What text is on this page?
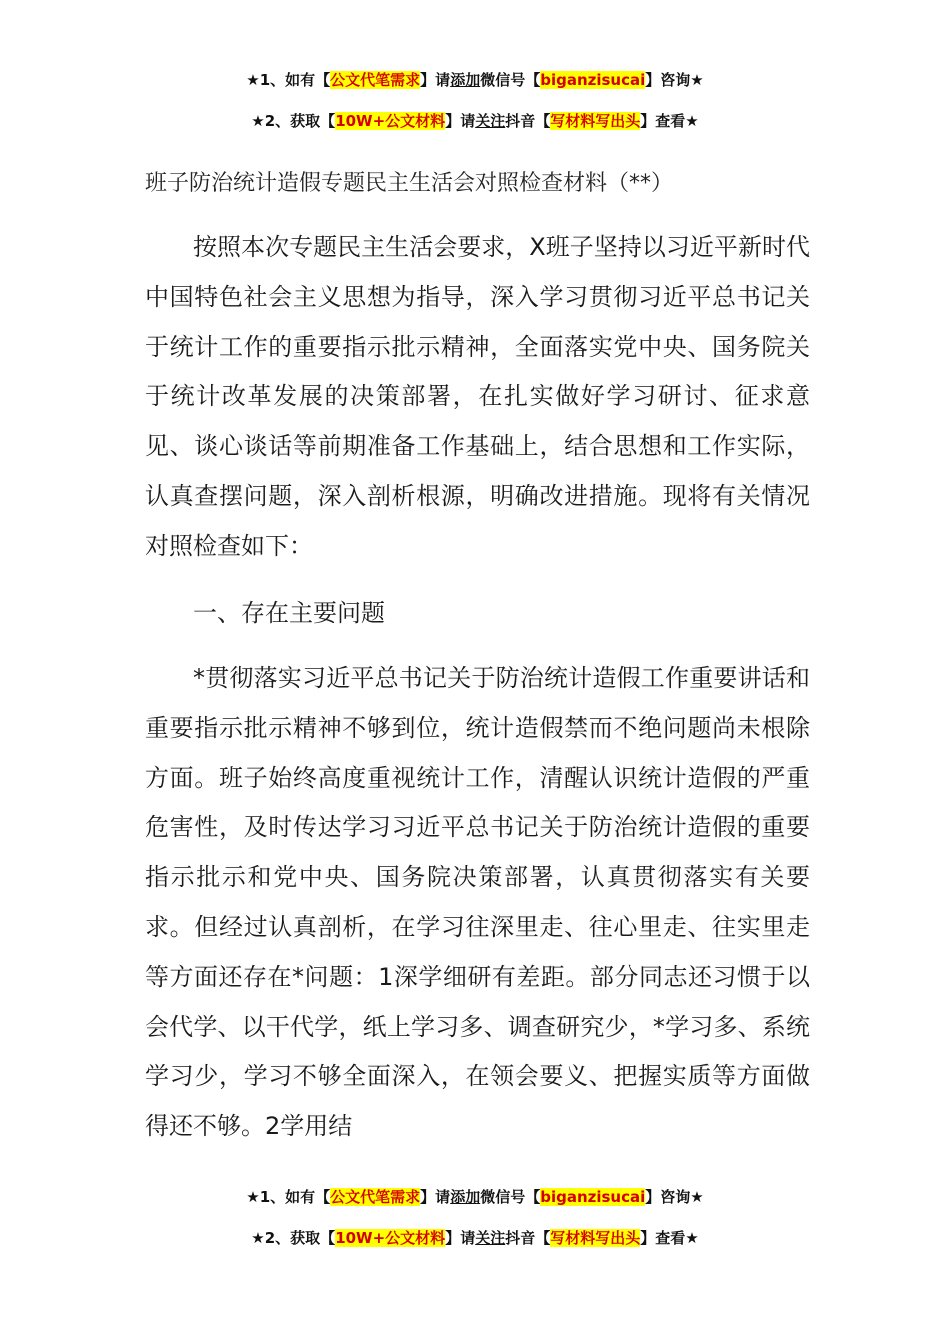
★1、如有【公文代笔需求】请添加微信号【biganzisucai】咨询★
★2、获取【10W+公文材料】请关注抖音【写材料写出头】查看★
班子防治统计造假专题民主生活会对照检查材料（**）

按照本次专题民主生活会要求，X班子坚持以习近平新时代中国特色社会主义思想为指导，深入学习贯彻习近平总书记关于统计工作的重要指示批示精神，全面落实党中央、国务院关于统计改革发展的决策部署，在扎实做好学习研讨、征求意见、谈心谈话等前期准备工作基础上，结合思想和工作实际，认真查摆问题，深入剖析根源，明确改进措施。现将有关情况对照检查如下：

一、存在主要问题

*贯彻落实习近平总书记关于防治统计造假工作重要讲话和重要指示批示精神不够到位，统计造假禁而不绝问题尚未根除方面。班子始终高度重视统计工作，清醒认识统计造假的严重危害性，及时传达学习习近平总书记关于防治统计造假的重要指示批示和党中央、国务院决策部署，认真贯彻落实有关要求。但经过认真剖析，在学习往深里走、往心里走、往实里走等方面还存在*问题：1深学细研有差距。部分同志还习惯于以会代学、以干代学，纸上学习多、调查研究少，*学习多、系统学习少，学习不够全面深入，在领会要义、把握实质等方面做得还不够。2学用结

★1、如有【公文代笔需求】请添加微信号【biganzisucai】咨询★
★2、获取【10W+公文材料】请关注抖音【写材料写出头】查看★
